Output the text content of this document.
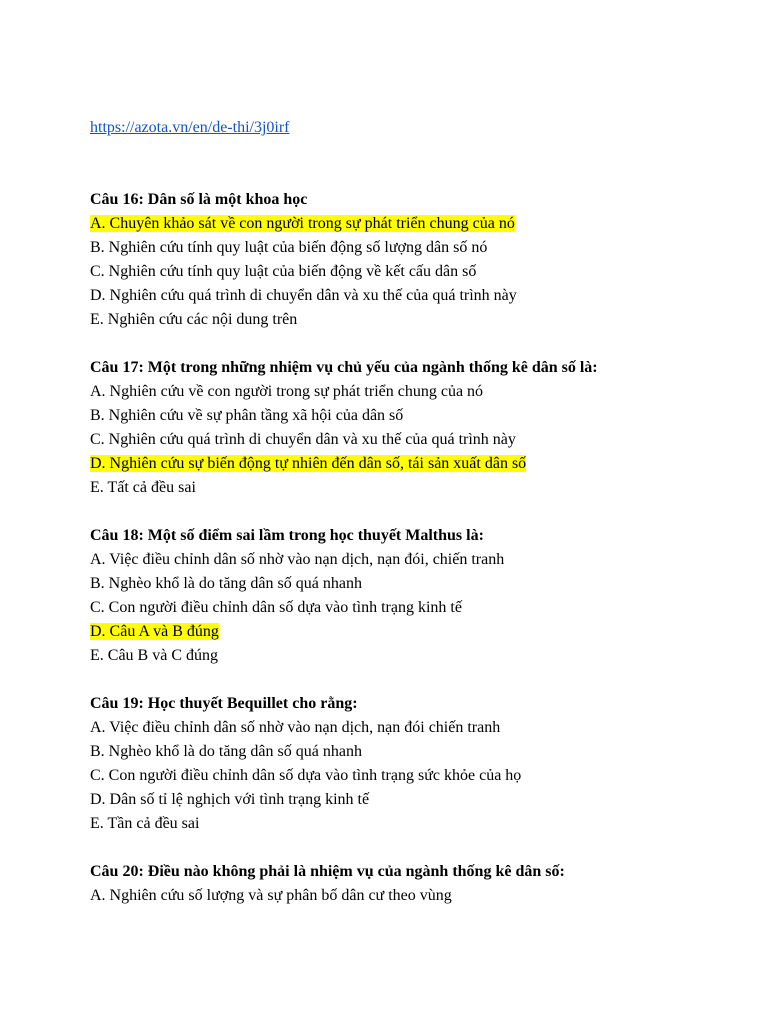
https://azota.vn/en/de-thi/3j0irf
Câu 16: Dân số là một khoa học
A. Chuyên khảo sát về con người trong sự phát triển chung của nó
B. Nghiên cứu tính quy luật của biến động số lượng dân số nó
C. Nghiên cứu tính quy luật của biến động về kết cấu dân số
D. Nghiên cứu quá trình di chuyển dân và xu thế của quá trình này
E. Nghiên cứu các nội dung trên
Câu 17: Một trong những nhiệm vụ chủ yếu của ngành thống kê dân số là:
A. Nghiên cứu về con người trong sự phát triển chung của nó
B. Nghiên cứu về sự phân tầng xã hội của dân số
C. Nghiên cứu quá trình di chuyển dân và xu thế của quá trình này
D. Nghiên cứu sự biến động tự nhiên đến dân số, tái sản xuất dân số
E. Tất cả đều sai
Câu 18: Một số điểm sai lầm trong học thuyết Malthus là:
A. Việc điều chỉnh dân số nhờ vào nạn dịch, nạn đói, chiến tranh
B. Nghèo khổ là do tăng dân số quá nhanh
C. Con người điều chỉnh dân số dựa vào tình trạng kinh tế
D. Câu A và B đúng
E. Câu B và C đúng
Câu 19: Học thuyết Bequillet cho rằng:
A. Việc điều chỉnh dân số nhờ vào nạn dịch, nạn đói chiến tranh
B. Nghèo khổ là do tăng dân số quá nhanh
C. Con người điều chỉnh dân số dựa vào tình trạng sức khỏe của họ
D. Dân số tỉ lệ nghịch với tình trạng kinh tế
E. Tần cả đều sai
Câu 20: Điều nào không phải là nhiệm vụ của ngành thống kê dân số:
A. Nghiên cứu số lượng và sự phân bố dân cư theo vùng
